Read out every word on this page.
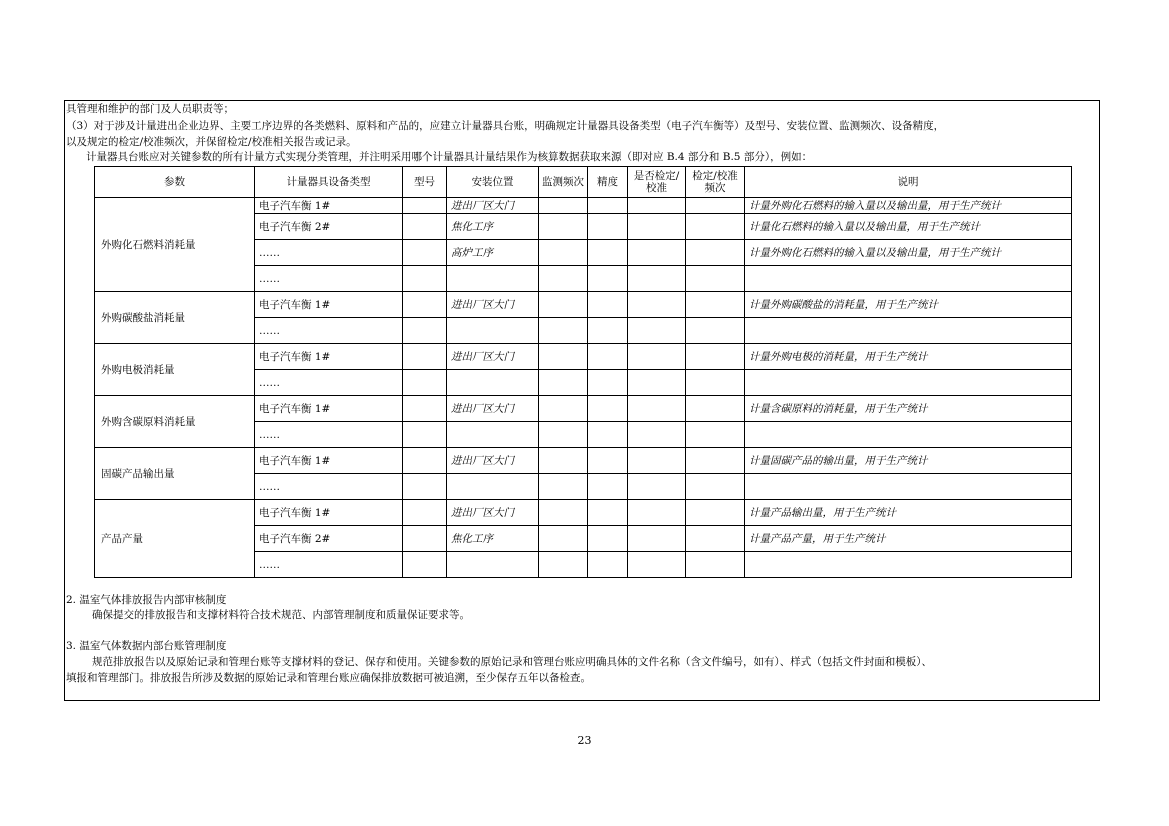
具管理和维护的部门及人员职责等；
（3）对于涉及计量进出企业边界、主要工序边界的各类燃料、原料和产品的，应建立计量器具台账，明确规定计量器具设备类型（电子汽车衡等）及型号、安装位置、监测频次、设备精度，
以及规定的检定/校准频次，并保留检定/校准相关报告或记录。
计量器具台账应对关键参数的所有计量方式实现分类管理，并注明采用哪个计量器具计量结果作为核算数据获取来源（即对应 B.4 部分和 B.5 部分），例如：
参数	计量器具设备类型	型号	安装位置	监测频次	精度	是否检定/校准	检定/校准频次	说明
外购化石燃料消耗量	电子汽车衡 1#		进出厂区大门					计量外购化石燃料的输入量以及输出量，用于生产统计
	电子汽车衡 2#		焦化工序					计量化石燃料的输入量以及输出量，用于生产统计
	……		高炉工序					计量外购化石燃料的输入量以及输出量，用于生产统计
	……							
外购碳酸盐消耗量	电子汽车衡 1#		进出厂区大门					计量外购碳酸盐的消耗量，用于生产统计
	……							
外购电极消耗量	电子汽车衡 1#		进出厂区大门					计量外购电极的消耗量，用于生产统计
	……							
外购含碳原料消耗量	电子汽车衡 1#		进出厂区大门					计量含碳原料的消耗量，用于生产统计
	……							
固碳产品输出量	电子汽车衡 1#		进出厂区大门					计量固碳产品的输出量，用于生产统计
	……							
产品产量	电子汽车衡 1#		进出厂区大门					计量产品输出量，用于生产统计
	电子汽车衡 2#		焦化工序					计量产品产量，用于生产统计
	……							
2. 温室气体排放报告内部审核制度
确保提交的排放报告和支撑材料符合技术规范、内部管理制度和质量保证要求等。
3. 温室气体数据内部台账管理制度
规范排放报告以及原始记录和管理台账等支撑材料的登记、保存和使用。关键参数的原始记录和管理台账应明确具体的文件名称（含文件编号，如有）、样式（包括文件封面和模板）、
填报和管理部门。排放报告所涉及数据的原始记录和管理台账应确保排放数据可被追溯，至少保存五年以备检查。
23
